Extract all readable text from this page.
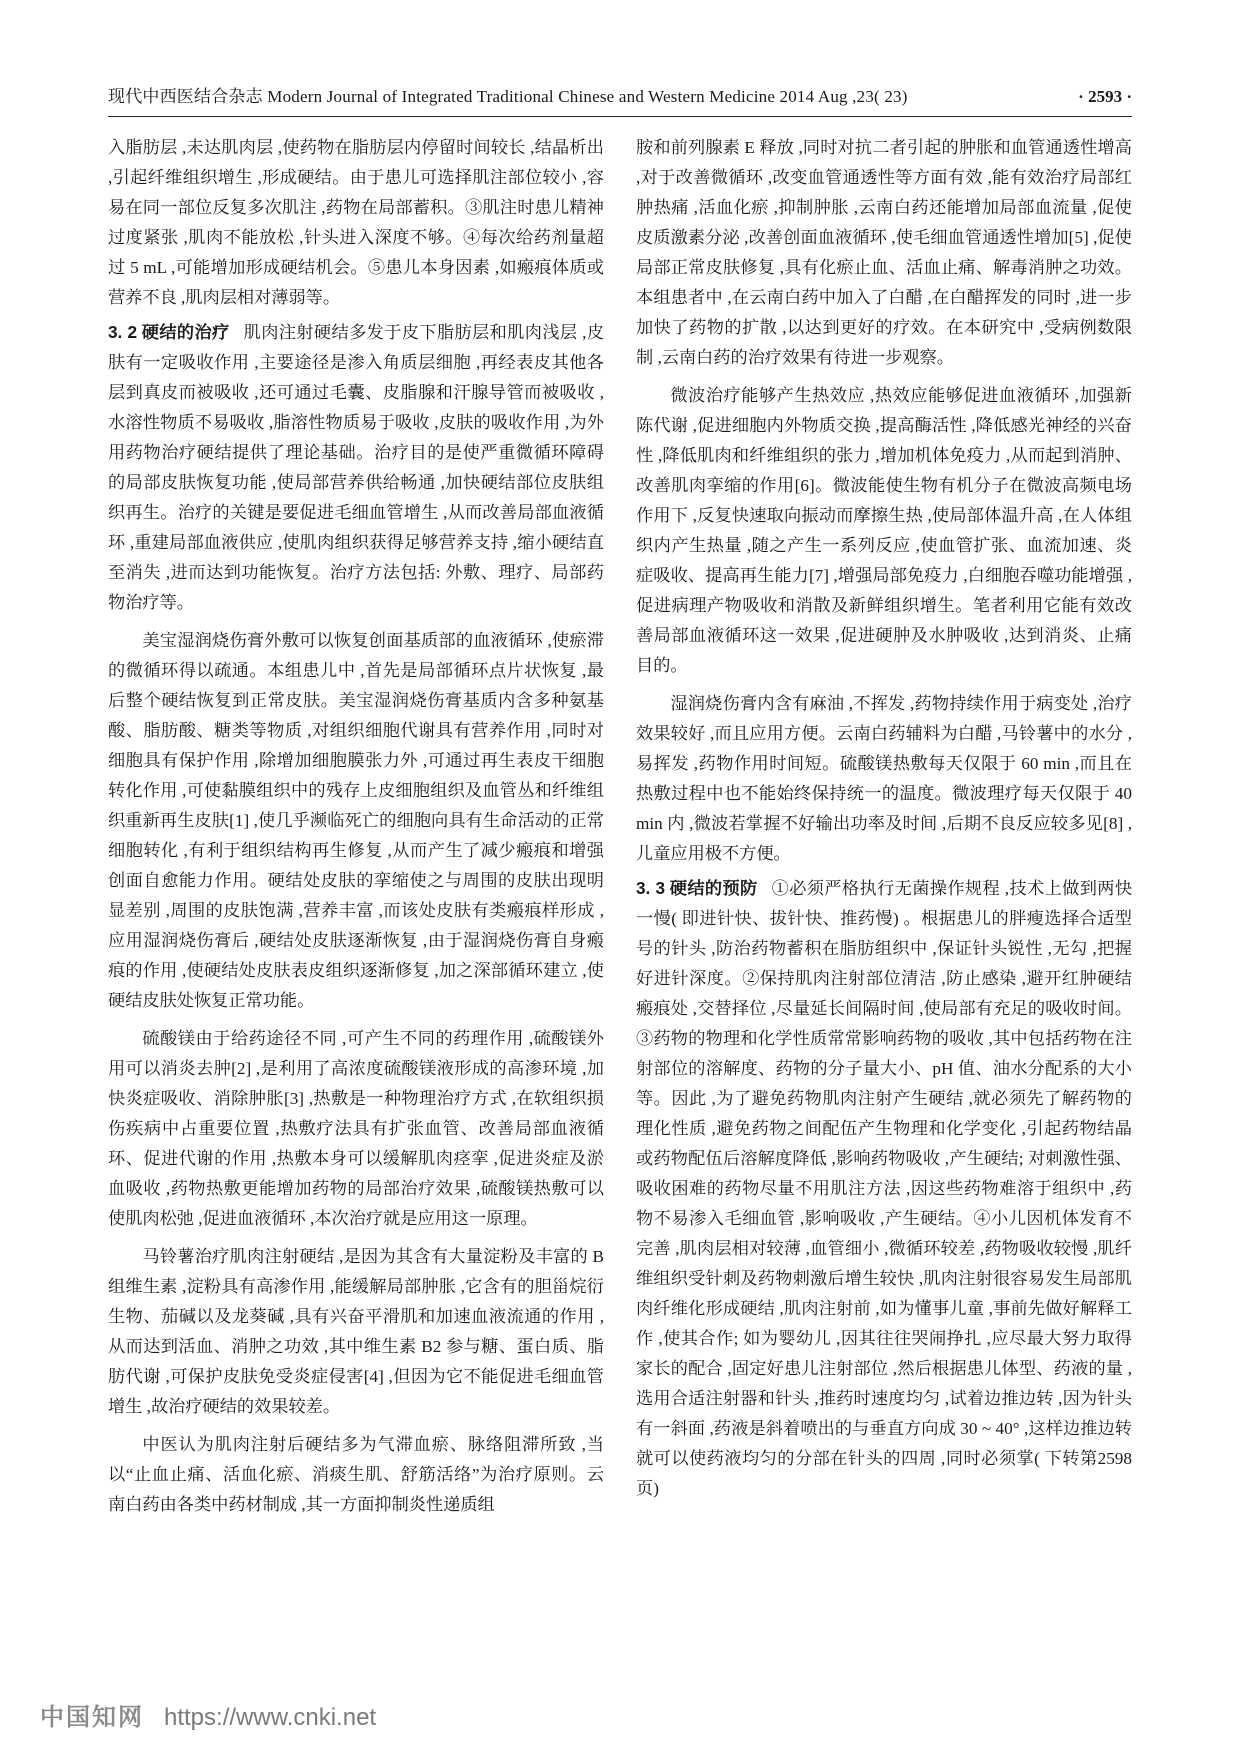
现代中西医结合杂志 Modern Journal of Integrated Traditional Chinese and Western Medicine 2014 Aug ,23( 23)	· 2593 ·

入脂肪层 ,未达肌肉层 ,使药物在脂肪层内停留时间较长 ,结晶析出 ,引起纤维组织增生 ,形成硬结。由于患儿可选择肌注部位较小 ,容易在同一部位反复多次肌注 ,药物在局部蓄积。③肌注时患儿精神过度紧张 ,肌肉不能放松 ,针头进入深度不够。④每次给药剂量超过 5 mL ,可能增加形成硬结机会。⑤患儿本身因素 ,如瘢痕体质或营养不良 ,肌肉层相对薄弱等。

3. 2 硬结的治疗 肌肉注射硬结多发于皮下脂肪层和肌肉浅层 ,皮肤有一定吸收作用 ,主要途径是渗入角质层细胞 ,再经表皮其他各层到真皮而被吸收 ,还可通过毛囊、皮脂腺和汗腺导管而被吸收 ,水溶性物质不易吸收 ,脂溶性物质易于吸收 ,皮肤的吸收作用 ,为外用药物治疗硬结提供了理论基础。治疗目的是使严重微循环障碍的局部皮肤恢复功能 ,使局部营养供给畅通 ,加快硬结部位皮肤组织再生。治疗的关键是要促进毛细血管增生 ,从而改善局部血液循环 ,重建局部血液供应 ,使肌肉组织获得足够营养支持 ,缩小硬结直至消失 ,进而达到功能恢复。治疗方法包括: 外敷、理疗、局部药物治疗等。

美宝湿润烧伤膏外敷可以恢复创面基质部的血液循环 ,使瘀滞的微循环得以疏通。本组患儿中 ,首先是局部循环点片状恢复 ,最后整个硬结恢复到正常皮肤。美宝湿润烧伤膏基质内含多种氨基酸、脂肪酸、糖类等物质 ,对组织细胞代谢具有营养作用 ,同时对细胞具有保护作用 ,除增加细胞膜张力外 ,可通过再生表皮干细胞转化作用 ,可使黏膜组织中的残存上皮细胞组织及血管丛和纤维组织重新再生皮肤[1] ,使几乎濒临死亡的细胞向具有生命活动的正常细胞转化 ,有利于组织结构再生修复 ,从而产生了减少瘢痕和增强创面自愈能力作用。硬结处皮肤的挛缩使之与周围的皮肤出现明显差别 ,周围的皮肤饱满 ,营养丰富 ,而该处皮肤有类瘢痕样形成 ,应用湿润烧伤膏后 ,硬结处皮肤逐渐恢复 ,由于湿润烧伤膏自身瘢痕的作用 ,使硬结处皮肤表皮组织逐渐修复 ,加之深部循环建立 ,使硬结皮肤处恢复正常功能。

硫酸镁由于给药途径不同 ,可产生不同的药理作用 ,硫酸镁外用可以消炎去肿[2] ,是利用了高浓度硫酸镁液形成的高渗环境 ,加快炎症吸收、消除肿胀[3] ,热敷是一种物理治疗方式 ,在软组织损伤疾病中占重要位置 ,热敷疗法具有扩张血管、改善局部血液循环、促进代谢的作用 ,热敷本身可以缓解肌肉痉挛 ,促进炎症及淤血吸收 ,药物热敷更能增加药物的局部治疗效果 ,硫酸镁热敷可以使肌肉松弛 ,促进血液循环 ,本次治疗就是应用这一原理。

马铃薯治疗肌肉注射硬结 ,是因为其含有大量淀粉及丰富的 B 组维生素 ,淀粉具有高渗作用 ,能缓解局部肿胀 ,它含有的胆甾烷衍生物、茄碱以及龙葵碱 ,具有兴奋平滑肌和加速血液流通的作用 ,从而达到活血、消肿之功效 ,其中维生素 B2 参与糖、蛋白质、脂肪代谢 ,可保护皮肤免受炎症侵害[4] ,但因为它不能促进毛细血管增生 ,故治疗硬结的效果较差。

中医认为肌肉注射后硬结多为气滞血瘀、脉络阻滞所致 ,当以“止血止痛、活血化瘀、消痰生肌、舒筋活络”为治疗原则。云南白药由各类中药材制成 ,其一方面抑制炎性递质组

胺和前列腺素 E 释放 ,同时对抗二者引起的肿胀和血管通透性增高 ,对于改善微循环 ,改变血管通透性等方面有效 ,能有效治疗局部红肿热痛 ,活血化瘀 ,抑制肿胀 ,云南白药还能增加局部血流量 ,促使皮质激素分泌 ,改善创面血液循环 ,使毛细血管通透性增加[5] ,促使局部正常皮肤修复 ,具有化瘀止血、活血止痛、解毒消肿之功效。本组患者中 ,在云南白药中加入了白醋 ,在白醋挥发的同时 ,进一步加快了药物的扩散 ,以达到更好的疗效。在本研究中 ,受病例数限制 ,云南白药的治疗效果有待进一步观察。

微波治疗能够产生热效应 ,热效应能够促进血液循环 ,加强新陈代谢 ,促进细胞内外物质交换 ,提高酶活性 ,降低感光神经的兴奋性 ,降低肌肉和纤维组织的张力 ,增加机体免疫力 ,从而起到消肿、改善肌肉挛缩的作用[6]。微波能使生物有机分子在微波高频电场作用下 ,反复快速取向振动而摩擦生热 ,使局部体温升高 ,在人体组织内产生热量 ,随之产生一系列反应 ,使血管扩张、血流加速、炎症吸收、提高再生能力[7] ,增强局部免疫力 ,白细胞吞噬功能增强 ,促进病理产物吸收和消散及新鲜组织增生。笔者利用它能有效改善局部血液循环这一效果 ,促进硬肿及水肿吸收 ,达到消炎、止痛目的。

湿润烧伤膏内含有麻油 ,不挥发 ,药物持续作用于病变处 ,治疗效果较好 ,而且应用方便。云南白药辅料为白醋 ,马铃薯中的水分 ,易挥发 ,药物作用时间短。硫酸镁热敷每天仅限于 60 min ,而且在热敷过程中也不能始终保持统一的温度。微波理疗每天仅限于 40 min 内 ,微波若掌握不好输出功率及时间 ,后期不良反应较多见[8] ,儿童应用极不方便。

3. 3 硬结的预防 ①必须严格执行无菌操作规程 ,技术上做到两快一慢( 即进针快、拔针快、推药慢) 。根据患儿的胖瘦选择合适型号的针头 ,防治药物蓄积在脂肪组织中 ,保证针头锐性 ,无勾 ,把握好进针深度。②保持肌肉注射部位清洁 ,防止感染 ,避开红肿硬结瘢痕处 ,交替择位 ,尽量延长间隔时间 ,使局部有充足的吸收时间。③药物的物理和化学性质常常影响药物的吸收 ,其中包括药物在注射部位的溶解度、药物的分子量大小、pH 值、油水分配系的大小等。因此 ,为了避免药物肌肉注射产生硬结 ,就必须先了解药物的理化性质 ,避免药物之间配伍产生物理和化学变化 ,引起药物结晶或药物配伍后溶解度降低 ,影响药物吸收 ,产生硬结; 对刺激性强、吸收困难的药物尽量不用肌注方法 ,因这些药物难溶于组织中 ,药物不易渗入毛细血管 ,影响吸收 ,产生硬结。④小儿因机体发育不完善 ,肌肉层相对较薄 ,血管细小 ,微循环较差 ,药物吸收较慢 ,肌纤维组织受针刺及药物刺激后增生较快 ,肌肉注射很容易发生局部肌肉纤维化形成硬结 ,肌肉注射前 ,如为懂事儿童 ,事前先做好解释工作 ,使其合作; 如为婴幼儿 ,因其往往哭闹挣扎 ,应尽最大努力取得家长的配合 ,固定好患儿注射部位 ,然后根据患儿体型、药液的量 ,选用合适注射器和针头 ,推药时速度均匀 ,试着边推边转 ,因为针头有一斜面 ,药液是斜着喷出的与垂直方向成 30 ~ 40° ,这样边推边转就可以使药液均匀的分部在针头的四周 ,同时必须掌( 下转第2598页)

中国知网 https://www.cnki.net
